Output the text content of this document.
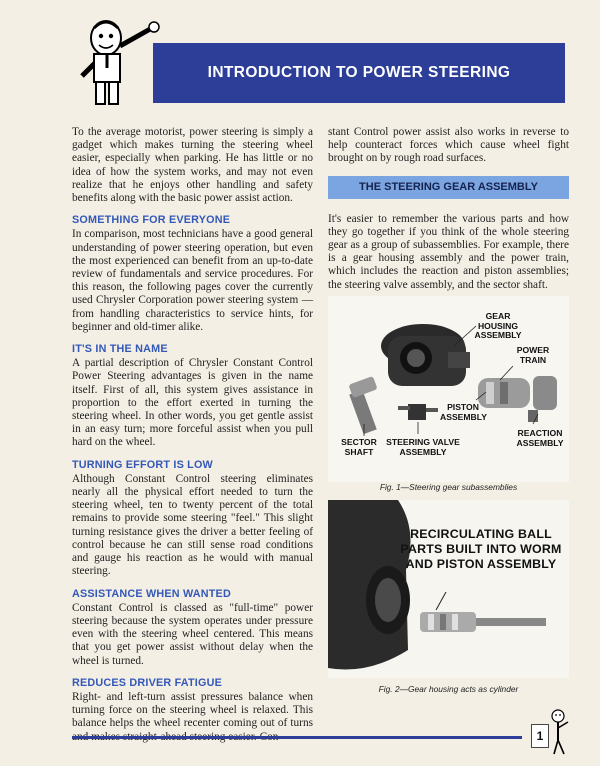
INTRODUCTION TO POWER STEERING

To the average motorist, power steering is simply a gadget which makes turning the steering wheel easier, especially when parking. He has little or no idea of how the system works, and may not even realize that he enjoys other handling and safety benefits along with the basic power assist action.

SOMETHING FOR EVERYONE

In comparison, most technicians have a good general understanding of power steering operation, but even the most experienced can benefit from an up-to-date review of fundamentals and service procedures. For this reason, the following pages cover the currently used Chrysler Corporation power steering system — from handling characteristics to service hints, for beginner and old-timer alike.

IT'S IN THE NAME

A partial description of Chrysler Constant Control Power Steering advantages is given in the name itself. First of all, this system gives assistance in proportion to the effort exerted in turning the steering wheel. In other words, you get gentle assist in an easy turn; more forceful assist when you pull hard on the wheel.

TURNING EFFORT IS LOW

Although Constant Control steering eliminates nearly all the physical effort needed to turn the steering wheel, ten to twenty percent of the total remains to provide some steering "feel." This slight turning resistance gives the driver a better feeling of control because he can still sense road conditions and gauge his reaction as he would with manual steering.

ASSISTANCE WHEN WANTED

Constant Control is classed as "full-time" power steering because the system operates under pressure even with the steering wheel centered. This means that you get power assist without delay when the wheel is turned.

REDUCES DRIVER FATIGUE

Right- and left-turn assist pressures balance when turning force on the steering wheel is relaxed. This balance helps the wheel recenter coming out of turns

stant Control power assist also works in reverse to help counteract forces which cause wheel fight brought on by rough road surfaces.

THE STEERING GEAR ASSEMBLY

It's easier to remember the various parts and how they go together if you think of the whole steering gear as a group of subassemblies. For example, there is a gear housing assembly and the power train, which includes the reaction and piston assemblies; the steering valve assembly, and the sector shaft.

GEAR HOUSING ASSEMBLY
POWER TRAIN
PISTON ASSEMBLY
REACTION ASSEMBLY
SECTOR SHAFT
STEERING VALVE ASSEMBLY
Fig. 1—Steering gear subassemblies
RECIRCULATING BALL PARTS BUILT INTO WORM AND PISTON ASSEMBLY
Fig. 2—Gear housing acts as cylinder
1
